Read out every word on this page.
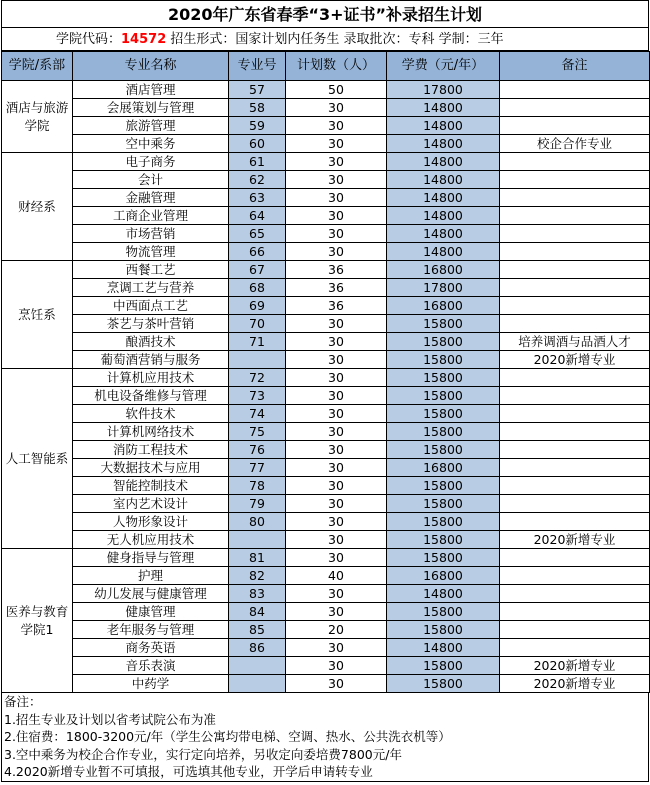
2020年广东省春季“3+证书”补录招生计划
学院代码：14572 招生形式：国家计划内任务生 录取批次：专科 学制：三年
学院/系部	专业名称	专业号	计划数（人）	学费（元/年）	备注
酒店与旅游学院	酒店管理	57	50	17800	
	会展策划与管理	58	30	14800	
	旅游管理	59	30	14800	
	空中乘务	60	30	14800	校企合作专业
财经系	电子商务	61	30	14800	
	会计	62	30	14800	
	金融管理	63	30	14800	
	工商企业管理	64	30	14800	
	市场营销	65	30	14800	
	物流管理	66	30	14800	
烹饪系	西餐工艺	67	36	16800	
	烹调工艺与营养	68	36	17800	
	中西面点工艺	69	36	16800	
	茶艺与茶叶营销	70	30	15800	
	酿酒技术	71	30	15800	培养调酒与品酒人才
	葡萄酒营销与服务		30	15800	2020新增专业
人工智能系	计算机应用技术	72	30	15800	
	机电设备维修与管理	73	30	15800	
	软件技术	74	30	15800	
	计算机网络技术	75	30	15800	
	消防工程技术	76	30	15800	
	大数据技术与应用	77	30	16800	
	智能控制技术	78	30	15800	
	室内艺术设计	79	30	15800	
	人物形象设计	80	30	15800	
	无人机应用技术		30	15800	2020新增专业
医养与教育学院1	健身指导与管理	81	30	15800	
	护理	82	40	16800	
	幼儿发展与健康管理	83	30	14800	
	健康管理	84	30	15800	
	老年服务与管理	85	20	15800	
	商务英语	86	30	14800	
	音乐表演		30	15800	2020新增专业
	中药学		30	15800	2020新增专业
备注：
1.招生专业及计划以省考试院公布为准
2.住宿费：1800-3200元/年（学生公寓均带电梯、空调、热水、公共洗衣机等）
3.空中乘务为校企合作专业，实行定向培养，另收定向委培费7800元/年
4.2020新增专业暂不可填报，可选填其他专业，开学后申请转专业
